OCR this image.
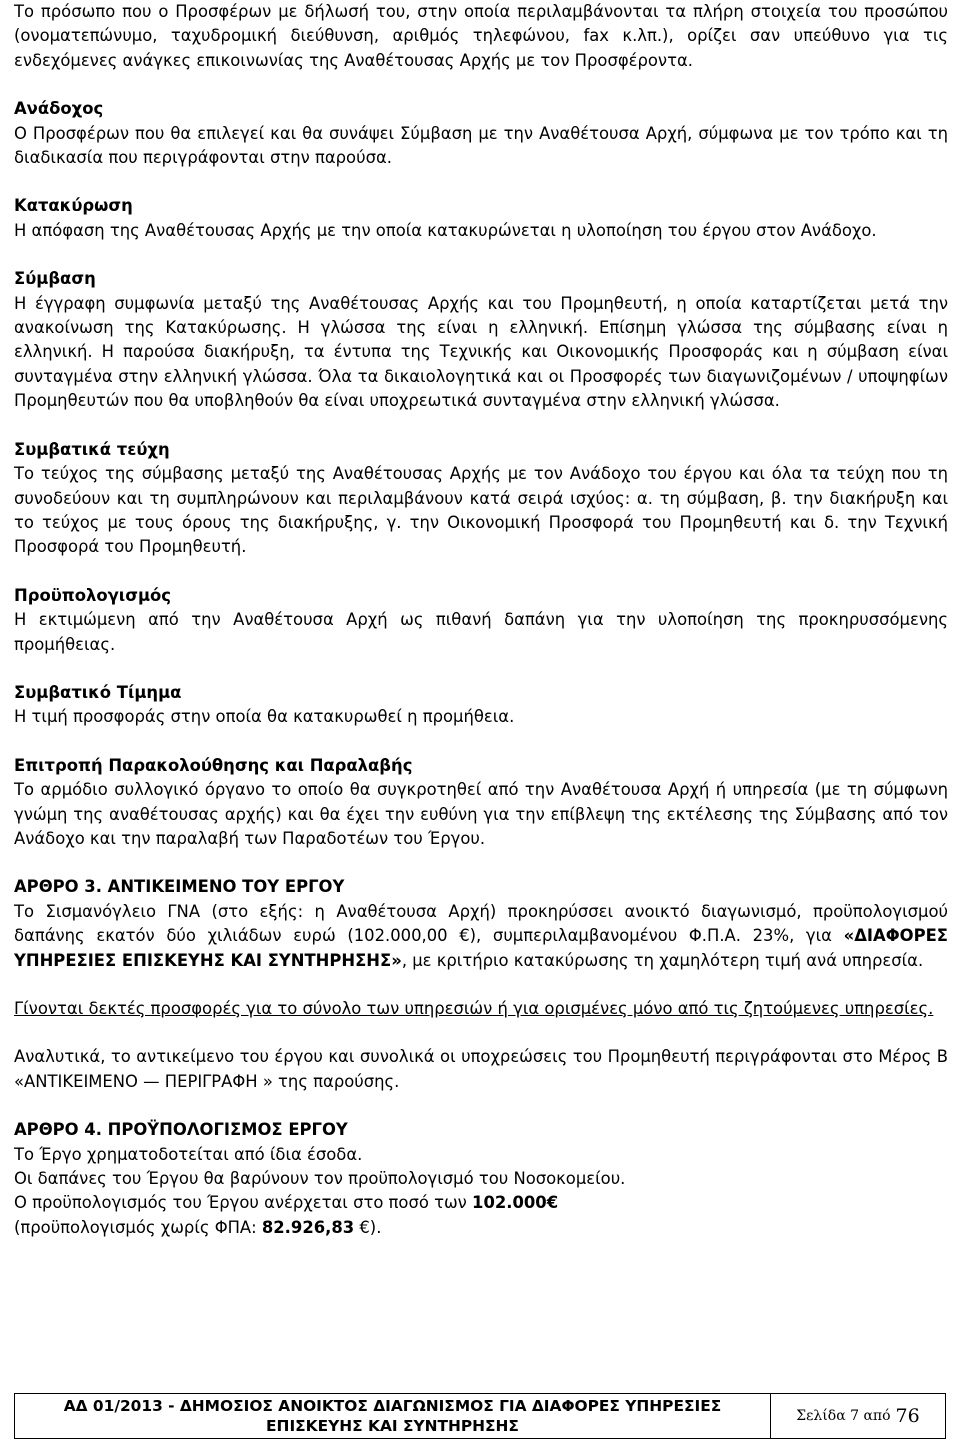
Το πρόσωπο που ο Προσφέρων με δήλωσή του, στην οποία περιλαμβάνονται τα πλήρη στοιχεία του προσώπου (ονοματεπώνυμο, ταχυδρομική διεύθυνση, αριθμός τηλεφώνου, fax κ.λπ.), ορίζει σαν υπεύθυνο για τις ενδεχόμενες ανάγκες επικοινωνίας της Αναθέτουσας Αρχής με τον Προσφέροντα.

Ανάδοχος

Ο Προσφέρων που θα επιλεγεί και θα συνάψει Σύμβαση με την Αναθέτουσα Αρχή, σύμφωνα με τον τρόπο και τη διαδικασία που περιγράφονται στην παρούσα.

Κατακύρωση

Η απόφαση της Αναθέτουσας Αρχής με την οποία κατακυρώνεται η υλοποίηση του έργου στον Ανάδοχο.

Σύμβαση

Η έγγραφη συμφωνία μεταξύ της Αναθέτουσας Αρχής και του Προμηθευτή, η οποία καταρτίζεται μετά την ανακοίνωση της Κατακύρωσης. Η γλώσσα της είναι η ελληνική. Επίσημη γλώσσα της σύμβασης είναι η ελληνική. Η παρούσα διακήρυξη, τα έντυπα της Τεχνικής και Οικονομικής Προσφοράς και η σύμβαση είναι συνταγμένα στην ελληνική γλώσσα. Όλα τα δικαιολογητικά και οι Προσφορές των διαγωνιζομένων / υποψηφίων Προμηθευτών που θα υποβληθούν θα είναι υποχρεωτικά συνταγμένα στην ελληνική γλώσσα.

Συμβατικά τεύχη

Το τεύχος της σύμβασης μεταξύ της Αναθέτουσας Αρχής με τον Ανάδοχο του έργου και όλα τα τεύχη που τη συνοδεύουν και τη συμπληρώνουν και περιλαμβάνουν κατά σειρά ισχύος: α. τη σύμβαση, β. την διακήρυξη και το τεύχος με τους όρους της διακήρυξης, γ. την Οικονομική Προσφορά του Προμηθευτή και δ. την Τεχνική Προσφορά του Προμηθευτή.

Προϋπολογισμός

Η εκτιμώμενη από την Αναθέτουσα Αρχή ως πιθανή δαπάνη για την υλοποίηση της προκηρυσσόμενης προμήθειας.

Συμβατικό Τίμημα

Η τιμή προσφοράς στην οποία θα κατακυρωθεί η προμήθεια.

Επιτροπή Παρακολούθησης και Παραλαβής

Το αρμόδιο συλλογικό όργανο το οποίο θα συγκροτηθεί από την Αναθέτουσα Αρχή ή υπηρεσία (με τη σύμφωνη γνώμη της αναθέτουσας αρχής) και θα έχει την ευθύνη για την επίβλεψη της εκτέλεσης της Σύμβασης από τον Ανάδοχο και την παραλαβή των Παραδοτέων του Έργου.

ΑΡΘΡΟ 3. ΑΝΤΙΚΕΙΜΕΝΟ ΤΟΥ ΕΡΓΟΥ

Το Σισμανόγλειο ΓΝΑ (στο εξής: η Αναθέτουσα Αρχή) προκηρύσσει ανοικτό διαγωνισμό, προϋπολογισμού δαπάνης εκατόν δύο χιλιάδων ευρώ (102.000,00 €), συμπεριλαμβανομένου Φ.Π.Α. 23%, για «ΔΙΑΦΟΡΕΣ ΥΠΗΡΕΣΙΕΣ ΕΠΙΣΚΕΥΗΣ ΚΑΙ ΣΥΝΤΗΡΗΣΗΣ», με κριτήριο κατακύρωσης τη χαμηλότερη τιμή ανά υπηρεσία.

Γίνονται δεκτές προσφορές για το σύνολο των υπηρεσιών ή για ορισμένες μόνο από τις ζητούμενες υπηρεσίες.

Αναλυτικά, το αντικείμενο του έργου και συνολικά οι υποχρεώσεις του Προμηθευτή περιγράφονται στο Μέρος Β «ΑΝΤΙΚΕΙΜΕΝΟ — ΠΕΡΙΓΡΑΦΗ » της παρούσης.

ΑΡΘΡΟ 4. ΠΡΟΫΠΟΛΟΓΙΣΜΟΣ ΕΡΓΟΥ
Το Έργο χρηματοδοτείται από ίδια έσοδα.
Οι δαπάνες του Έργου θα βαρύνουν τον προϋπολογισμό του Νοσοκομείου.
Ο προϋπολογισμός του Έργου ανέρχεται στο ποσό των 102.000€
(προϋπολογισμός χωρίς ΦΠΑ: 82.926,83 €).
ΑΔ 01/2013 - ΔΗΜΟΣΙΟΣ ΑΝΟΙΚΤΟΣ ΔΙΑΓΩΝΙΣΜΟΣ ΓΙΑ ΔΙΑΦΟΡΕΣ ΥΠΗΡΕΣΙΕΣ
ΕΠΙΣΚΕΥΗΣ ΚΑΙ ΣΥΝΤΗΡΗΣΗΣ
Σελίδα 7 από 76
